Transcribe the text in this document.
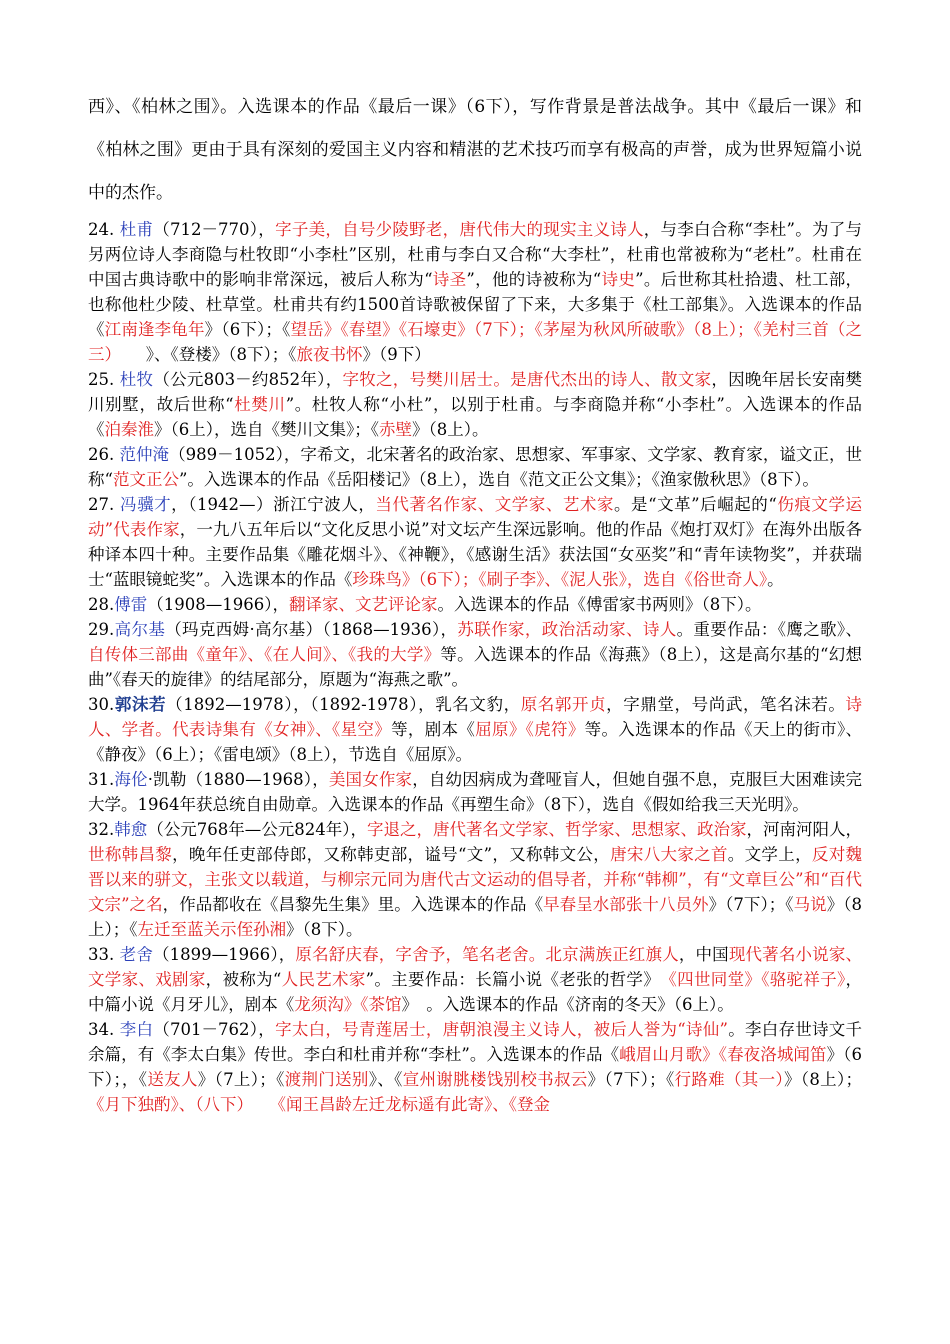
西》、《柏林之围》。入选课本的作品《最后一课》（6下），写作背景是普法战争。其中《最后一课》和《柏林之围》更由于具有深刻的爱国主义内容和精湛的艺术技巧而享有极高的声誉，成为世界短篇小说中的杰作。

24. 杜甫（712－770），字子美，自号少陵野老，唐代伟大的现实主义诗人，与李白合称“李杜”。为了与另两位诗人李商隐与杜牧即“小李杜”区别，杜甫与李白又合称“大李杜”，杜甫也常被称为“老杜”。杜甫在中国古典诗歌中的影响非常深远，被后人称为“诗圣”，他的诗被称为“诗史”。后世称其杜拾遗、杜工部，也称他杜少陵、杜草堂。杜甫共有约1500首诗歌被保留了下来，大多集于《杜工部集》。入选课本的作品《江南逢李龟年》（6下）；《望岳》《春望》《石壕吏》（7下）；《茅屋为秋风所破歌》（8上）；《羌村三首（之三）　　》、《登楼》（8下）；《旅夜书怀》（9下）

25. 杜牧（公元803－约852年），字牧之，号樊川居士。是唐代杰出的诗人、散文家，因晚年居长安南樊川别墅，故后世称“杜樊川”。杜牧人称“小杜”，以别于杜甫。与李商隐并称“小李杜”。入选课本的作品《泊秦淮》（6上），选自《樊川文集》；《赤壁》（8上）。

26. 范仲淹（989－1052），字希文，北宋著名的政治家、思想家、军事家、文学家、教育家，谥文正，世称“范文正公”。入选课本的作品《岳阳楼记》（8上），选自《范文正公文集》；《渔家傲秋思》（8下）。

27. 冯骥才，（1942—）浙江宁波人，当代著名作家、文学家、艺术家。是“文革”后崛起的“伤痕文学运动”代表作家，一九八五年后以“文化反思小说”对文坛产生深远影响。他的作品《炮打双灯》在海外出版各种译本四十种。主要作品集《雕花烟斗》、《神鞭》，《感谢生活》获法国“女巫奖”和“青年读物奖”，并获瑞士“蓝眼镜蛇奖”。入选课本的作品《珍珠鸟》（6下）；《刷子李》、《泥人张》，选自《俗世奇人》。

28.傅雷（1908—1966），翻译家、文艺评论家。入选课本的作品《傅雷家书两则》（8下）。

29.高尔基（玛克西姆·高尔基）（1868—1936），苏联作家，政治活动家、诗人。重要作品：《鹰之歌》、自传体三部曲《童年》、《在人间》、《我的大学》等。入选课本的作品《海燕》（8上），这是高尔基的“幻想曲”《春天的旋律》的结尾部分，原题为“海燕之歌”。

30.郭沫若（1892—1978），（1892-1978），乳名文豹，原名郭开贞，字鼎堂，号尚武，笔名沫若。诗人、学者。代表诗集有《女神》、《星空》等，剧本《屈原》《虎符》等。入选课本的作品《天上的街市》、《静夜》（6上）；《雷电颂》（8上），节选自《屈原》。

31.海伦·凯勒（1880—1968），美国女作家，自幼因病成为聋哑盲人，但她自强不息，克服巨大困难读完大学。1964年获总统自由勋章。入选课本的作品《再塑生命》（8下），选自《假如给我三天光明》。

32.韩愈（公元768年—公元824年），字退之，唐代著名文学家、哲学家、思想家、政治家，河南河阳人，世称韩昌黎，晚年任吏部侍郎，又称韩吏部，谥号“文”，又称韩文公，唐宋八大家之首。文学上，反对魏晋以来的骈文，主张文以载道，与柳宗元同为唐代古文运动的倡导者，并称“韩柳”，有“文章巨公”和“百代文宗”之名，作品都收在《昌黎先生集》里。入选课本的作品《早春呈水部张十八员外》（7下）；《马说》（8上）；《左迁至蓝关示侄孙湘》（8下）。

33. 老舍（1899—1966），原名舒庆春，字舍予，笔名老舍。北京满族正红旗人，中国现代著名小说家、文学家、戏剧家，被称为“人民艺术家”。主要作品：长篇小说《老张的哲学》　《四世同堂》《骆驼祥子》，中篇小说《月牙儿》，剧本《龙须沟》《茶馆》　。入选课本的作品《济南的冬天》（6上）。

34. 李白（701－762），字太白，号青莲居士，唐朝浪漫主义诗人，被后人誉为“诗仙”。李白存世诗文千余篇，有《李太白集》传世。李白和杜甫并称“李杜”。入选课本的作品《峨眉山月歌》《春夜洛城闻笛》（6下）；，《送友人》（7上）；《渡荆门送别》、《宣州谢朓楼饯别校书叔云》（7下）；《行路难（其一）》（8上）；《月下独酌》、（八下）　　《闻王昌龄左迁龙标遥有此寄》、《登金
